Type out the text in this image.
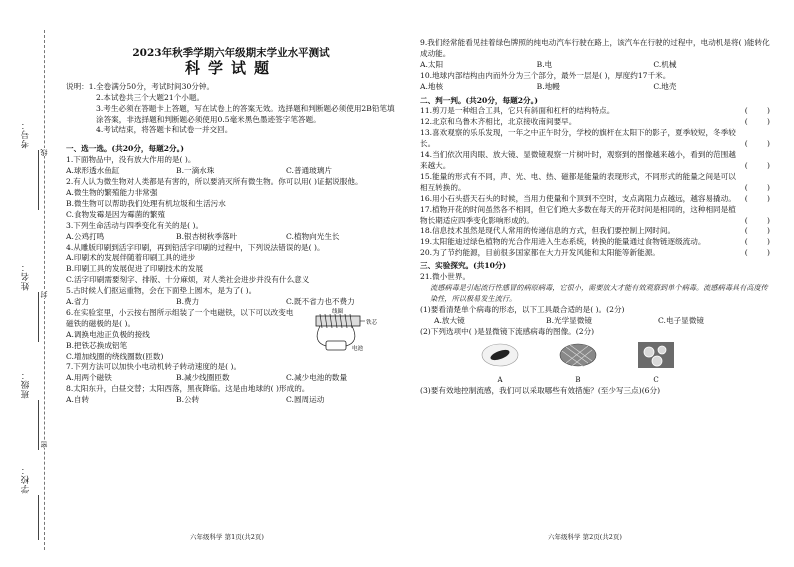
考号：
姓名：
班级：
学校：
线
封
密
2023年秋季学期六年级期末学业水平测试
科学试题

说明：1.全卷满分50分，考试时间30分钟。

2.本试卷共三个大题21个小题。

3.考生必须在答题卡上答题，写在试卷上的答案无效。选择题和判断题必须使用2B铅笔填涂答案，非选择题和判断题必须使用0.5毫米黑色墨迹签字笔答题。

4.考试结束，将答题卡和试卷一并交回。

一、选一选。(共20分，每题2分。)

1.下面物品中，没有放大作用的是( )。

A.球形透水鱼缸	B.一滴水珠	C.普通玻璃片

2.有人认为微生物对人类都是有害的，所以要消灭所有微生物。你可以用( )证据说服他。

A.微生物的繁殖能力非常强
B.微生物可以帮助我们处理有机垃圾和生活污水
C.食物发霉是因为霉菌的繁殖

3.下列生命活动与四季变化有关的是( )。

A.公鸡打鸣	B.银杏树秋季落叶	C.植物向光生长

4.从雕版印刷到活字印刷，再到铅活字印刷的过程中，下列说法错误的是( )。

A.印刷术的发展伴随着印刷工具的进步
B.印刷工具的发展促进了印刷技术的发展
C.活字印刷需要刻字、排版、十分麻烦，对人类社会进步并没有什么意义

5.古时候人们抠运重物，会在下面垫上圆木，是为了( )。

A.省力	B.费力	C.既不省力也不费力

6.在实验室里，小云按右图所示组装了一个电磁铁，以下可以改变电磁铁的磁极的是( )。

A.调换电池正负极的接线
B.把铁芯换成铝笔
C.增加线圈的绕线圈数(匝数)
线圈
铁芯
电池

7.下列方法可以加快小电动机转子转动速度的是( )。

A.用两个磁铁	B.减少线圈匝数	C.减少电池的数量

8.太阳东升，白昼交替；太阳西落，黑夜降临。这是由地球的( )形成的。

A.自转	B.公转	C.圆周运动
六年级科学 第1页(共2页)

9.我们经常能看见挂着绿色牌照的纯电动汽车行驶在路上，该汽车在行驶的过程中，电动机是将( )能转化成动能。

A.太阳	B.电	C.机械

10.地球内部结构由内而外分为三个部分，最外一层是( )，厚度约17千米。

A.地核	B.地幔	C.地壳
二、判一判。(共20分，每题2分。)
11.剪刀是一种组合工具，它只有斜面和杠杆的结构特点。	(        )
12.北京和乌鲁木齐相比，北京接收南间要早。	(        )
13.喜欢观察的乐乐发现，一年之中正午时分，学校的旗杆在太阳下的影子，夏季较短，冬季较长。	(        )
14.当们依次用肉眼、放大镜、显微镜观察一片树叶时，观察到的图像越来越小，看到的范围越来越大。	(        )
15.能量的形式有不同，声、光、电、热、磁都是能量的表现形式，不同形式的能量之间是可以相互转换的。	(        )
16.用小石头搭天石头的时候，当用力使量和个顶到不空时，支点离阻力点越远，越容易撬动。 (        )
17.植物开花的时间虽然各不相同，但它们绝大多数在每天的开花时间是相同的，这种相同是植物长期适应四季变化影响形成的。	(        )
18.信息技术虽然是现代人常用的传递信息的方式，但我们要控制上网时间。	(        )
19.太阳能迪过绿色植物的光合作用进入生态系统，转换的能量通过食物链逐级流动。	(        )
20.为了节约能源，目前很多国家都在大力开发风能和太阳能等新能源。	(        )
三、实验探究。(共10分)

21.微小世界。

流感病毒是引起流行性感冒的病原病毒，它很小，需要放大才能有效观察到单个病毒。流感病毒具有高度传染性，所以极易发生流行。

(1)要看清楚单个病毒的形态，以下工具最合适的是( )。(2分)

A.放大镜	B.光学显微镜	C.电子显微镜

(2)下列选项中( )是显微镜下流感病毒的图像。(2分)

A	B	C

(3)要有效地控制流感，我们可以采取哪些有效措施？(至少写三点)(6分)

六年级科学 第2页(共2页)
